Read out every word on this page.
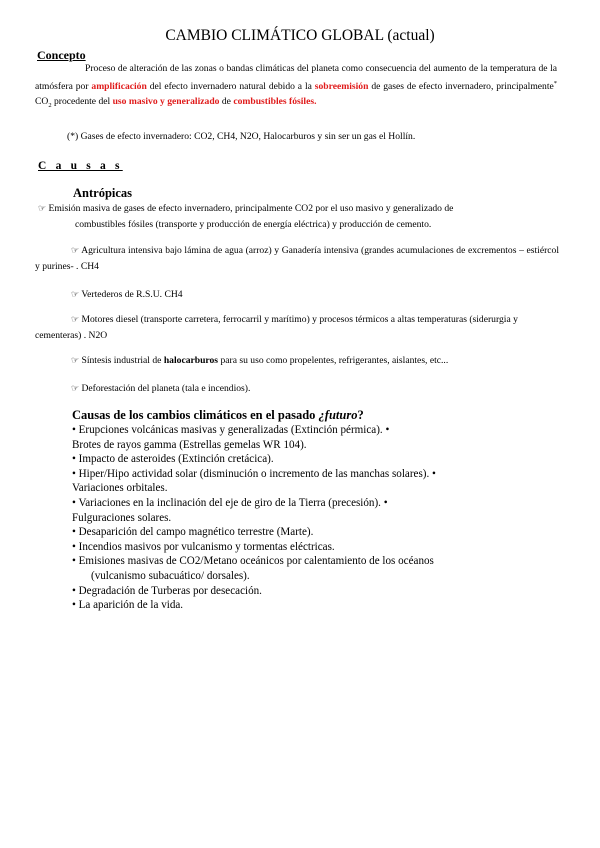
CAMBIO CLIMÁTICO GLOBAL (actual)

Concepto

Proceso de alteración de las zonas o bandas climáticas del planeta como consecuencia del aumento de la temperatura de la atmósfera por amplificación del efecto invernadero natural debido a la sobreemisión de gases de efecto invernadero, principalmente* $CO_2$ procedente del uso masivo y generalizado de combustibles fósiles.

(*) Gases de efecto invernadero: CO2, CH4, N2O, Halocarburos y sin ser un gas el Hollín.

C a u s a s

Antrópicas

☞ Emisión masiva de gases de efecto invernadero, principalmente CO2 por el uso masivo y generalizado de
combustibles fósiles (transporte y producción de energía eléctrica) y producción de cemento.
☞ Agricultura intensiva bajo lámina de agua (arroz) y Ganadería intensiva (grandes acumulaciones de excrementos – estiércol y purines- . CH4
☞ Vertederos de R.S.U. CH4
☞ Motores diesel (transporte carretera, ferrocarril y marítimo) y procesos térmicos a altas temperaturas (siderurgia y cementeras) . N2O
☞ Síntesis industrial de halocarburos para su uso como propelentes, refrigerantes, aislantes, etc...
☞ Deforestación del planeta (tala e incendios).

Causas de los cambios climáticos en el pasado ¿futuro?

• Erupciones volcánicas masivas y generalizadas (Extinción pérmica). •
Brotes de rayos gamma (Estrellas gemelas WR 104).
• Impacto de asteroides (Extinción cretácica).
• Hiper/Hipo actividad solar (disminución o incremento de las manchas solares). •
Variaciones orbitales.
• Variaciones en la inclinación del eje de giro de la Tierra (precesión). •
Fulguraciones solares.
• Desaparición del campo magnético terrestre (Marte).
• Incendios masivos por vulcanismo y tormentas eléctricas.
• Emisiones masivas de CO2/Metano oceánicos por calentamiento de los océanos
(vulcanismo subacuático/ dorsales).
• Degradación de Turberas por desecación.
• La aparición de la vida.
